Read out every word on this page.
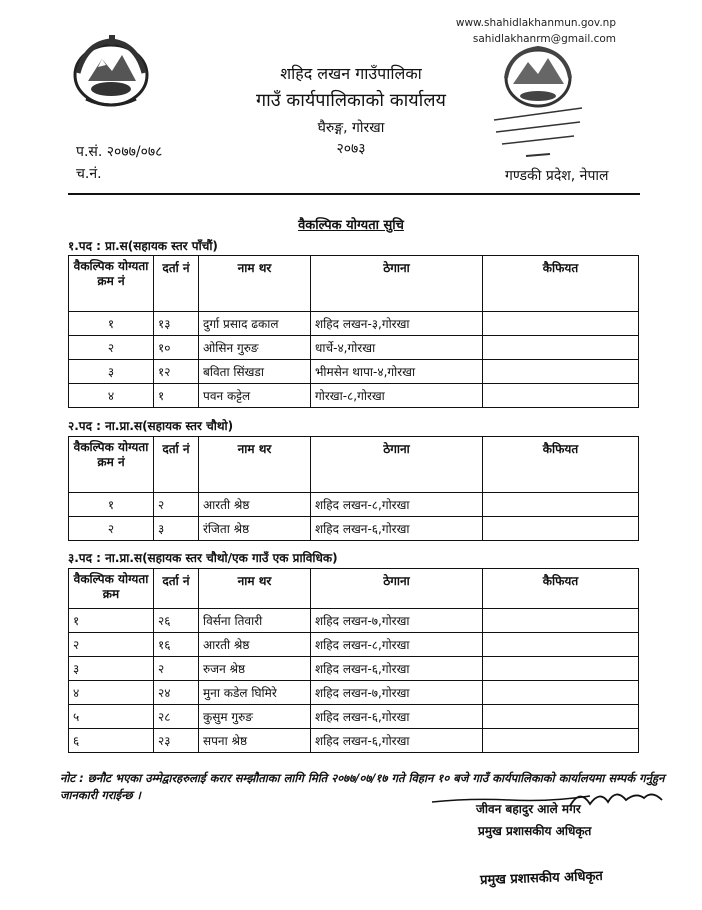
www.shahidlakhanmun.gov.np
sahidlakhanrm@gmail.com
शहिद लखन गाउँपालिका
गाउँ कार्यपालिकाको कार्यालय
घैरुङ्ग, गोरखा
२०७३
प.सं. २०७७/०७८
च.नं.	गण्डकी प्रदेश, नेपाल
वैकल्पिक योग्यता सुचि
१.पद : प्रा.स(सहायक स्तर पाँचौं)
वैकल्पिक योग्यता क्रम नं	दर्ता नं	नाम थर	ठेगाना	कैफियत
१	१३	दुर्गा प्रसाद ढकाल	शहिद लखन-३,गोरखा	
२	१०	ओसिन गुरुङ	धार्चे-४,गोरखा	
३	१२	बविता सिंखडा	भीमसेन थापा-४,गोरखा	
४	१	पवन कट्टेल	गोरखा-८,गोरखा	
२.पद : ना.प्रा.स(सहायक स्तर चौथो)
वैकल्पिक योग्यता क्रम नं	दर्ता नं	नाम थर	ठेगाना	कैफियत
१	२	आरती श्रेष्ठ	शहिद लखन-८,गोरखा	
२	३	रंजिता श्रेष्ठ	शहिद लखन-६,गोरखा	
३.पद : ना.प्रा.स(सहायक स्तर चौथो/एक गाउँ एक प्राविधिक)
वैकल्पिक योग्यता क्रम	दर्ता नं	नाम थर	ठेगाना	कैफियत
१	२६	विर्सना तिवारी	शहिद लखन-७,गोरखा	
२	१६	आरती श्रेष्ठ	शहिद लखन-८,गोरखा	
३	२	रुजन श्रेष्ठ	शहिद लखन-६,गोरखा	
४	२४	मुना कडेल घिमिरे	शहिद लखन-७,गोरखा	
५	२८	कुसुम गुरुङ	शहिद लखन-६,गोरखा	
६	२३	सपना श्रेष्ठ	शहिद लखन-६,गोरखा	
नोट : छनौट भएका उम्मेद्वारहरुलाई करार सम्झौताका लागि मिति २०७७/०७/१७ गते विहान १० बजे गाउँ कार्यपालिकाको कार्यालयमा सम्पर्क गर्नुहुन जानकारी गराईन्छ ।
जीवन बहादुर आले मगर
प्रमुख प्रशासकीय अधिकृत
प्रमुख प्रशासकीय अधिकृत
